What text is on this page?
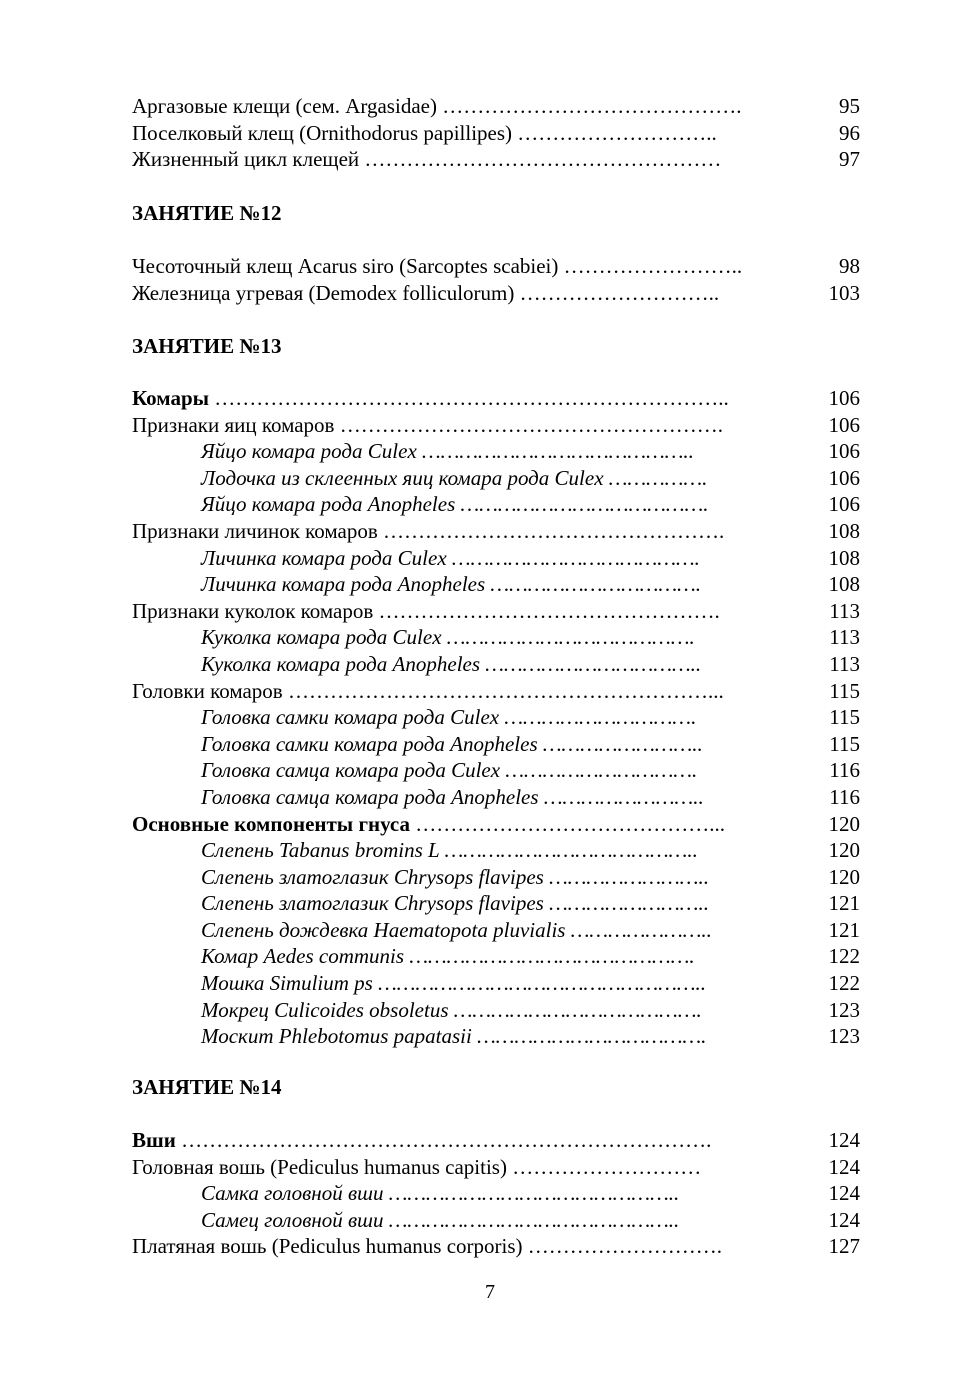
Аргазовые клещи (сем. Argasidae) …………………………………….	95
Поселковый клещ (Ornithodorus papillipes) ………………………..	96
Жизненный цикл клещей ……………………………………………	97
ЗАНЯТИЕ №12
Чесоточный клещ Acarus siro (Sarcoptes scabiei) ……………………..	98
Железница угревая (Demodex folliculorum) ………………………..	103
ЗАНЯТИЕ №13
Комары ………………………………………………………………..	106
Признаки яиц комаров ……………………………………………….	106
Яйцо комара рода Culex ……………………………………..	106
Лодочка из склеенных яиц комара рода Culex …………….	106
Яйцо комара рода Anopheles ………………………………….	106
Признаки личинок комаров ………………………………………….	108
Личинка комара рода Culex ………………………………….	108
Личинка комара рода Anopheles …………………………….	108
Признаки куколок комаров ………………………………………….	113
Куколка комара рода Culex ………………………………….	113
Куколка комара рода Anopheles ……………………………..	113
Головки комаров ……………………………………………………...	115
Головка самки комара рода Culex ………………………….	115
Головка самки комара рода Anopheles ……………………..	115
Головка самца комара рода Culex ………………………….	116
Головка самца комара рода Anopheles ……………………..	116
Основные компоненты гнуса ……………………………………...	120
Слепень Tabanus bromins L …………………………………..	120
Слепень златоглазик Chrysops flavipes ……………………..	120
Слепень златоглазик Chrysops flavipes ……………………..	121
Слепень дождевка Haematopota pluvialis …………………..	121
Комар Aedes communis ……………………………………….	122
Мошка Simulium ps ……………………………………………..	122
Мокрец Culicoides obsoletus ………………………………….	123
Москит Phlebotomus papatasii ……………………………….	123
ЗАНЯТИЕ №14
Вши ………………………………………………………………….	124
Головная вошь (Pediculus humanus capitis) ………………………	124
Самка головной вши ………………………………………..	124
Самец головной вши ………………………………………..	124
Платяная вошь (Pediculus humanus corporis) ……………………….	127
7
